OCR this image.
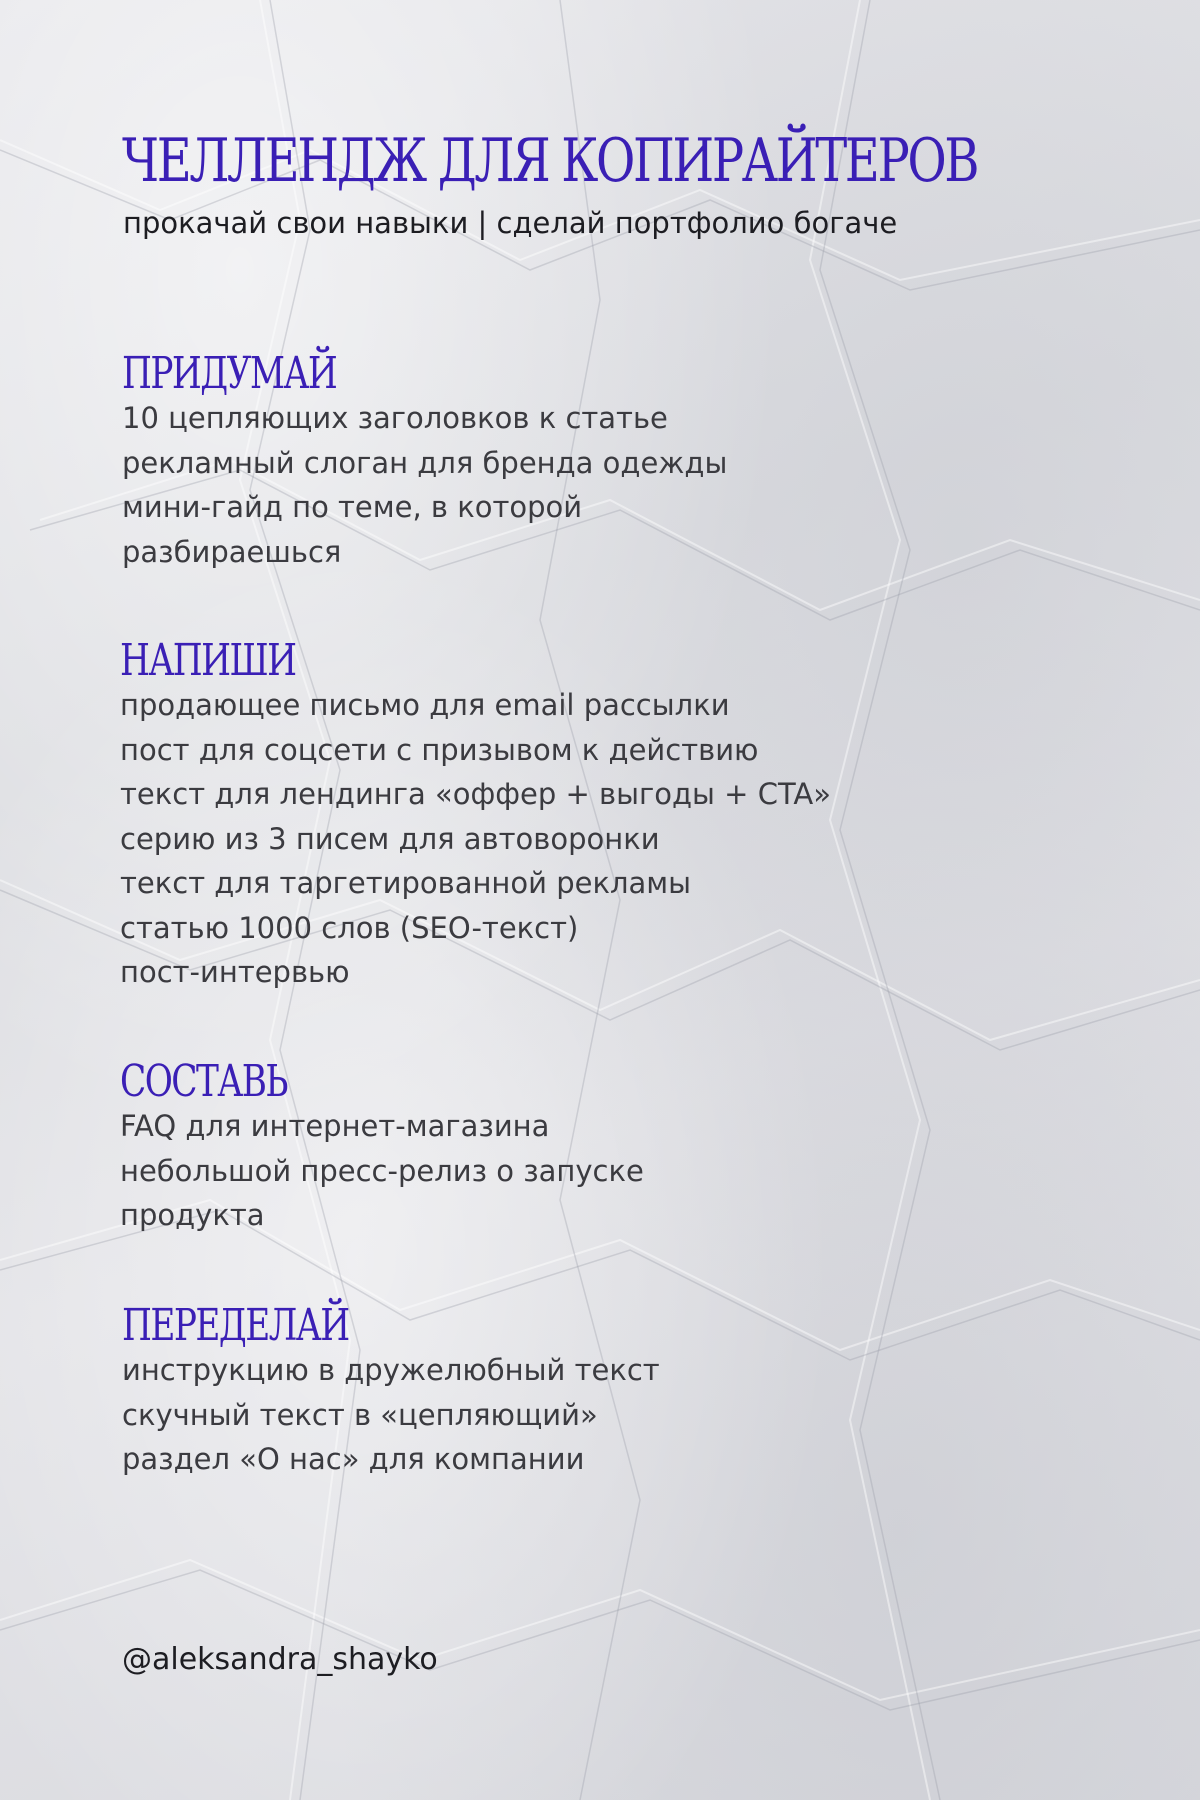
ЧЕЛЛЕНДЖ ДЛЯ КОПИРАЙТЕРОВ
прокачай свои навыки | сделай портфолио богаче
ПРИДУМАЙ
10 цепляющих заголовков к статье
рекламный слоган для бренда одежды
мини-гайд по теме, в которой
разбираешься
НАПИШИ
продающее письмо для email рассылки
пост для соцсети с призывом к действию
текст для лендинга «оффер + выгоды + CTA»
серию из 3 писем для автоворонки
текст для таргетированной рекламы
статью 1000 слов (SEO-текст)
пост-интервью
СОСТАВЬ
FAQ для интернет-магазина
небольшой пресс-релиз о запуске
продукта
ПЕРЕДЕЛАЙ
инструкцию в дружелюбный текст
скучный текст в «цепляющий»
раздел «О нас» для компании
@aleksandra_shayko
